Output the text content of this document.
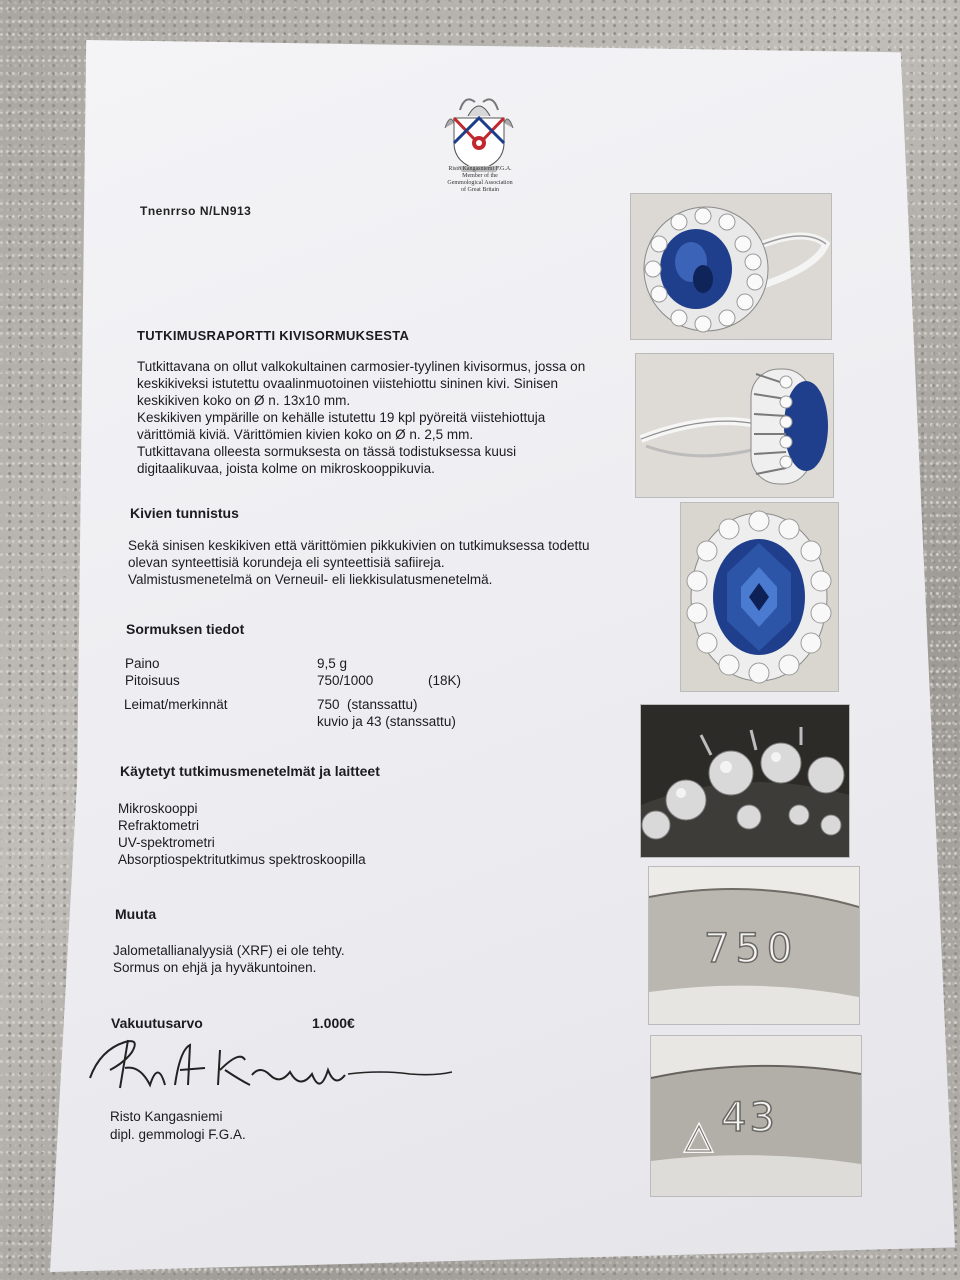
Risto Kangasniemi F.G.A.
Member of the
Gemmological Association
of Great Britain
Tnenrrso N/LN913
TUTKIMUSRAPORTTI KIVISORMUKSESTA
Tutkittavana on ollut valkokultainen carmosier-tyylinen kivisormus, jossa on
keskikiveksi istutettu ovaalinmuotoinen viistehiottu sininen kivi. Sinisen
keskikiven koko on Ø n. 13x10 mm.
Keskikiven ympärille on kehälle istutettu 19 kpl pyöreitä viistehiottuja
värittömiä kiviä. Värittömien kivien koko on Ø n. 2,5 mm.
Tutkittavana olleesta sormuksesta on tässä todistuksessa kuusi
digitaalikuvaa, joista kolme on mikroskooppikuvia.
Kivien tunnistus
Sekä sinisen keskikiven että värittömien pikkukivien on tutkimuksessa todettu
olevan synteettisiä korundeja eli synteettisiä safiireja.
Valmistusmenetelmä on Verneuil- eli liekkisulatusmenetelmä.
Sormuksen tiedot
Paino	9,5 g
Pitoisuus	750/1000	(18K)
Leimat/merkinnät	750  (stanssattu)
kuvio ja 43 (stanssattu)
Käytetyt tutkimusmenetelmät ja laitteet
Mikroskooppi
Refraktometri
UV-spektrometri
Absorptiospektritutkimus spektroskoopilla
Muuta
Jalometallianalyysiä (XRF) ei ole tehty.
Sormus on ehjä ja hyväkuntoinen.
Vakuutusarvo	1.000€
Risto Kangasniemi
dipl. gemmologi F.G.A.
750
43
